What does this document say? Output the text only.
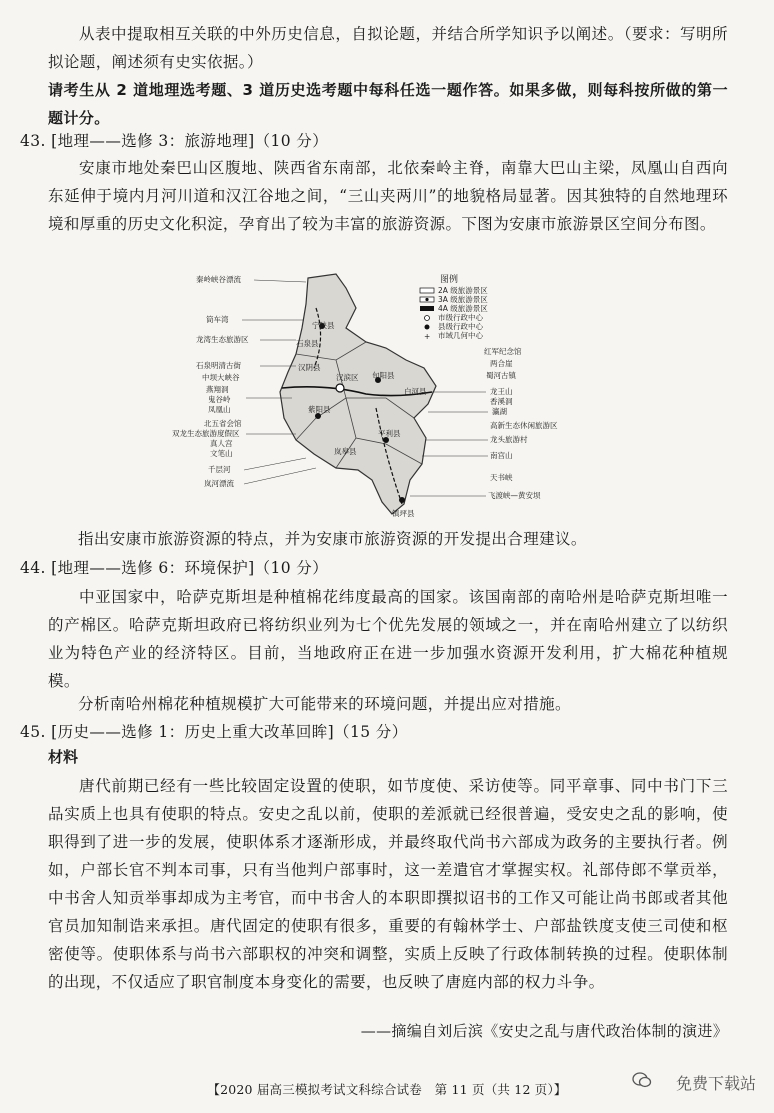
从表中提取相互关联的中外历史信息，自拟论题，并结合所学知识予以阐述。（要求：写明所拟论题，阐述须有史实依据。）

请考生从 2 道地理选考题、3 道历史选考题中每科任选一题作答。如果多做，则每科按所做的第一题计分。

43. [地理——选修 3：旅游地理]（10 分）

安康市地处秦巴山区腹地、陕西省东南部，北依秦岭主脊，南靠大巴山主梁，凤凰山自西向东延伸于境内月河川道和汉江谷地之间，“三山夹两川”的地貌格局显著。因其独特的自然地理环境和厚重的历史文化积淀，孕育出了较为丰富的旅游资源。下图为安康市旅游景区空间分布图。

宁陕县
石泉县
汉阴县
汉滨区 旬阳县
白河县
紫阳县
平利县
岚皋县
镇坪县
秦岭峡谷漂流
筒车湾
龙湾生态旅游区
石泉明清古街
中坝大峡谷
燕翔洞
鬼谷岭
凤凰山
北五省会馆
双龙生态旅游度假区
真人宫
文笔山
千层河
岚河漂流
图例
2A 级旅游景区
3A 级旅游景区
4A 级旅游景区
市级行政中心
县级行政中心
+ 市域几何中心
红军纪念馆
两合崖
蜀河古镇
龙王山
香溪洞
瀛湖
高新生态休闲旅游区
龙头旅游村
南宫山
天书峡
飞渡峡—黄安坝

指出安康市旅游资源的特点，并为安康市旅游资源的开发提出合理建议。

44. [地理——选修 6：环境保护]（10 分）

中亚国家中，哈萨克斯坦是种植棉花纬度最高的国家。该国南部的南哈州是哈萨克斯坦唯一的产棉区。哈萨克斯坦政府已将纺织业列为七个优先发展的领域之一，并在南哈州建立了以纺织业为特色产业的经济特区。目前，当地政府正在进一步加强水资源开发利用，扩大棉花种植规模。

分析南哈州棉花种植规模扩大可能带来的环境问题，并提出应对措施。

45. [历史——选修 1：历史上重大改革回眸]（15 分）

材料

唐代前期已经有一些比较固定设置的使职，如节度使、采访使等。同平章事、同中书门下三品实质上也具有使职的特点。安史之乱以前，使职的差派就已经很普遍，受安史之乱的影响，使职得到了进一步的发展，使职体系才逐渐形成，并最终取代尚书六部成为政务的主要执行者。例如，户部长官不判本司事，只有当他判户部事时，这一差遣官才掌握实权。礼部侍郎不掌贡举，中书舍人知贡举事却成为主考官，而中书舍人的本职即撰拟诏书的工作又可能让尚书郎或者其他官员加知制诰来承担。唐代固定的使职有很多，重要的有翰林学士、户部盐铁度支使三司使和枢密使等。使职体系与尚书六部职权的冲突和调整，实质上反映了行政体制转换的过程。使职体制的出现，不仅适应了职官制度本身变化的需要，也反映了唐庭内部的权力斗争。

——摘编自刘后滨《安史之乱与唐代政治体制的演进》

【2020 届高三模拟考试文科综合试卷　第 11 页（共 12 页）】	免费下载站
